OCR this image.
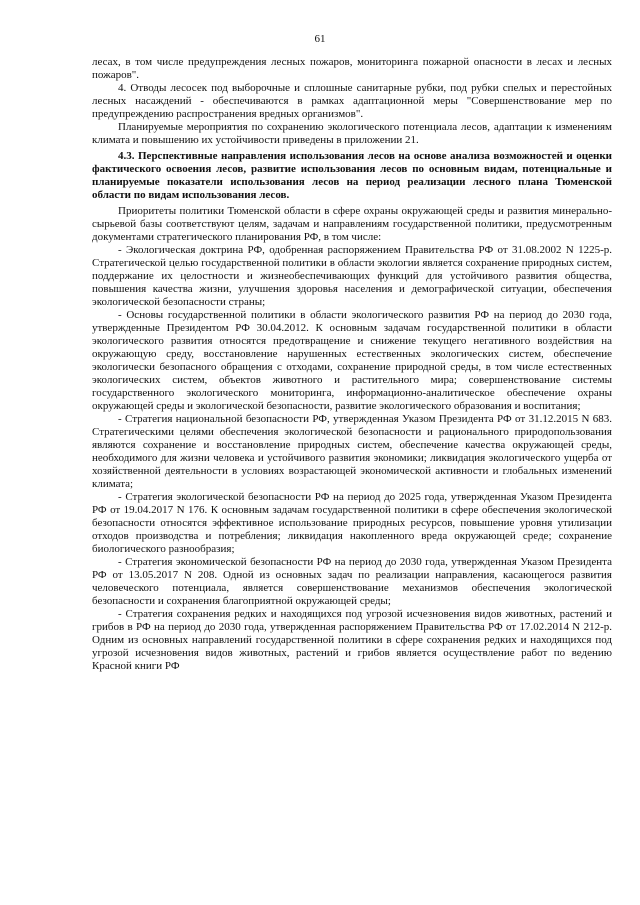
61

лесах, в том числе предупреждения лесных пожаров, мониторинга пожарной опасности в лесах и лесных пожаров".

4. Отводы лесосек под выборочные и сплошные санитарные рубки, под рубки спелых и перестойных лесных насаждений - обеспечиваются в рамках адаптационной меры "Совершенствование мер по предупреждению распространения вредных организмов".

Планируемые мероприятия по сохранению экологического потенциала лесов, адаптации к изменениям климата и повышению их устойчивости приведены в приложении 21.

4.3. Перспективные направления использования лесов на основе анализа возможностей и оценки фактического освоения лесов, развитие использования лесов по основным видам, потенциальные и планируемые показатели использования лесов на период реализации лесного плана Тюменской области по видам использования лесов.

Приоритеты политики Тюменской области в сфере охраны окружающей среды и развития минерально-сырьевой базы соответствуют целям, задачам и направлениям государственной политики, предусмотренным документами стратегического планирования РФ, в том числе:

- Экологическая доктрина РФ, одобренная распоряжением Правительства РФ от 31.08.2002 N 1225-р. Стратегической целью государственной политики в области экологии является сохранение природных систем, поддержание их целостности и жизнеобеспечивающих функций для устойчивого развития общества, повышения качества жизни, улучшения здоровья населения и демографической ситуации, обеспечения экологической безопасности страны;

- Основы государственной политики в области экологического развития РФ на период до 2030 года, утвержденные Президентом РФ 30.04.2012. К основным задачам государственной политики в области экологического развития относятся предотвращение и снижение текущего негативного воздействия на окружающую среду, восстановление нарушенных естественных экологических систем, обеспечение экологически безопасного обращения с отходами, сохранение природной среды, в том числе естественных экологических систем, объектов животного и растительного мира; совершенствование системы государственного экологического мониторинга, информационно-аналитическое обеспечение охраны окружающей среды и экологической безопасности, развитие экологического образования и воспитания;

- Стратегия национальной безопасности РФ, утвержденная Указом Президента РФ от 31.12.2015 N 683. Стратегическими целями обеспечения экологической безопасности и рационального природопользования являются сохранение и восстановление природных систем, обеспечение качества окружающей среды, необходимого для жизни человека и устойчивого развития экономики; ликвидация экологического ущерба от хозяйственной деятельности в условиях возрастающей экономической активности и глобальных изменений климата;

- Стратегия экологической безопасности РФ на период до 2025 года, утвержденная Указом Президента РФ от 19.04.2017 N 176. К основным задачам государственной политики в сфере обеспечения экологической безопасности относятся эффективное использование природных ресурсов, повышение уровня утилизации отходов производства и потребления; ликвидация накопленного вреда окружающей среде; сохранение биологического разнообразия;

- Стратегия экономической безопасности РФ на период до 2030 года, утвержденная Указом Президента РФ от 13.05.2017 N 208. Одной из основных задач по реализации направления, касающегося развития человеческого потенциала, является совершенствование механизмов обеспечения экологической безопасности и сохранения благоприятной окружающей среды;

- Стратегия сохранения редких и находящихся под угрозой исчезновения видов животных, растений и грибов в РФ на период до 2030 года, утвержденная распоряжением Правительства РФ от 17.02.2014 N 212-р. Одним из основных направлений государственной политики в сфере сохранения редких и находящихся под угрозой исчезновения видов животных, растений и грибов является осуществление работ по ведению Красной книги РФ
